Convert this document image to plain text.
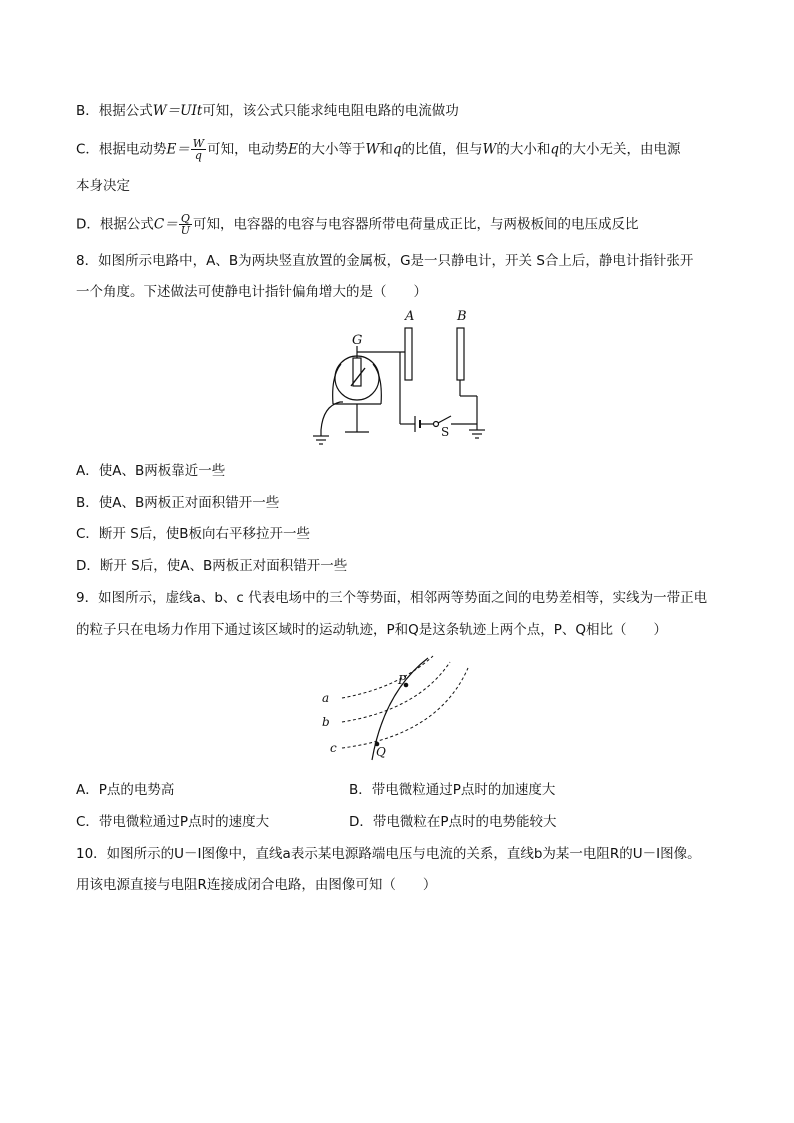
B．根据公式W＝UIt可知，该公式只能求纯电阻电路的电流做功
C．根据电动势$E= \frac{W}{q}$ 可知，电动势E的大小等于W和q的比值，但与W的大小和q的大小无关，由电源
本身决定
D．根据公式$C= \frac{Q}{U}$ 可知，电容器的电容与电容器所带电荷量成正比，与两极板间的电压成反比
8．如图所示电路中，A、B为两块竖直放置的金属板，G是一只静电计，开关 S合上后，静电计指针张开
一个角度。下述做法可使静电计指针偏角增大的是（　　）
G
A	B
S
A．使A、B两板靠近一些
B．使A、B两板正对面积错开一些
C．断开 S后，使B板向右平移拉开一些
D．断开 S后，使A、B两板正对面积错开一些
9．如图所示，虚线a、b、c 代表电场中的三个等势面，相邻两等势面之间的电势差相等，实线为一带正电
的粒子只在电场力作用下通过该区域时的运动轨迹，P和Q是这条轨迹上两个点，P、Q相比（　　）
a
b
c
P
Q
A．P点的电势高	B．带电微粒通过P点时的加速度大
C．带电微粒通过P点时的速度大	D．带电微粒在P点时的电势能较大
10．如图所示的U－I图像中，直线a表示某电源路端电压与电流的关系，直线b为某一电阻R的U－I图像。
用该电源直接与电阻R连接成闭合电路，由图像可知（　　）
